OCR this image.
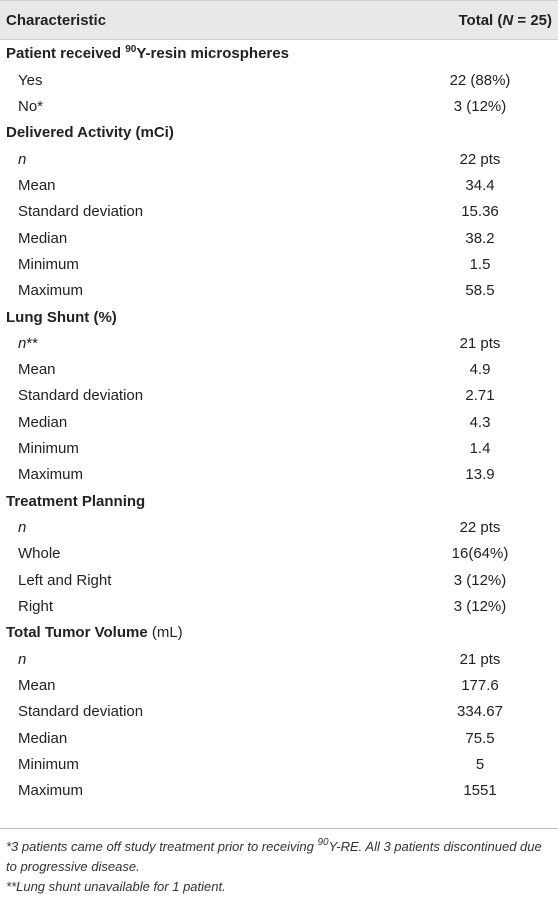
Characteristic	Total (N = 25)
Patient received $^{90}$Y-resin microspheres
Yes	22 (88%)
No*	3 (12%)
Delivered Activity (mCi)
n	22 pts
Mean	34.4
Standard deviation	15.36
Median	38.2
Minimum	1.5
Maximum	58.5
Lung Shunt (%)
n**	21 pts
Mean	4.9
Standard deviation	2.71
Median	4.3
Minimum	1.4
Maximum	13.9
Treatment Planning
n	22 pts
Whole	16(64%)
Left and Right	3 (12%)
Right	3 (12%)
Total Tumor Volume (mL)
n	21 pts
Mean	177.6
Standard deviation	334.67
Median	75.5
Minimum	5
Maximum	1551

*3 patients came off study treatment prior to receiving $^{90}$Y-RE. All 3 patients discontinued due to progressive disease.

**Lung shunt unavailable for 1 patient.
